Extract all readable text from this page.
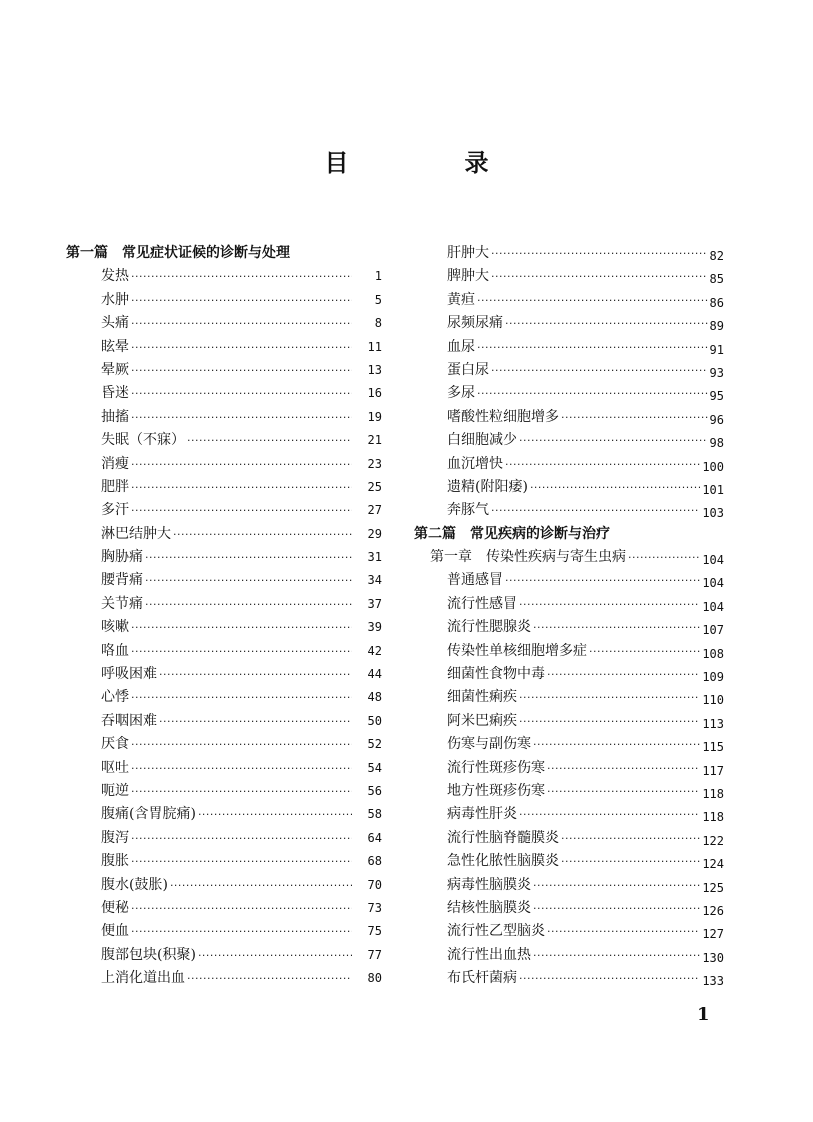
目　录
第一篇　常见症状证候的诊断与处理
发热 ·····	1
水肿 ·····	5
头痛 ·····	8
眩晕 ·····	11
晕厥 ·····	13
昏迷 ·····	16
抽搐 ·····	19
失眠（不寐） ·····	21
消瘦 ·····	23
肥胖 ·····	25
多汗 ·····	27
淋巴结肿大 ·····	29
胸胁痛 ·····	31
腰背痛 ·····	34
关节痛 ·····	37
咳嗽 ·····	39
咯血 ·····	42
呼吸困难 ·····	44
心悸 ·····	48
吞咽困难 ·····	50
厌食 ·····	52
呕吐 ·····	54
呃逆 ·····	56
腹痛(含胃脘痛) ·····	58
腹泻 ·····	64
腹胀 ·····	68
腹水(鼓胀) ·····	70
便秘 ·····	73
便血 ·····	75
腹部包块(积聚) ·····	77
上消化道出血 ·····	80
肝肿大 ·····	82
脾肿大 ·····	85
黄疸 ·····	86
尿频尿痛 ·····	89
血尿 ·····	91
蛋白尿 ·····	93
多尿 ·····	95
嗜酸性粒细胞增多 ·····	96
白细胞减少 ·····	98
血沉增快 ·····	100
遗精(附阳痿) ·····	101
奔豚气 ·····	103
第二篇　常见疾病的诊断与治疗
第一章　传染性疾病与寄生虫病 ·····	104
普通感冒 ·····	104
流行性感冒 ·····	104
流行性腮腺炎 ·····	107
传染性单核细胞增多症 ·····	108
细菌性食物中毒 ·····	109
细菌性痢疾 ·····	110
阿米巴痢疾 ·····	113
伤寒与副伤寒 ·····	115
流行性斑疹伤寒 ·····	117
地方性斑疹伤寒 ·····	118
病毒性肝炎 ·····	118
流行性脑脊髓膜炎 ·····	122
急性化脓性脑膜炎 ·····	124
病毒性脑膜炎 ·····	125
结核性脑膜炎 ·····	126
流行性乙型脑炎 ·····	127
流行性出血热 ·····	130
布氏杆菌病 ·····	133
1
